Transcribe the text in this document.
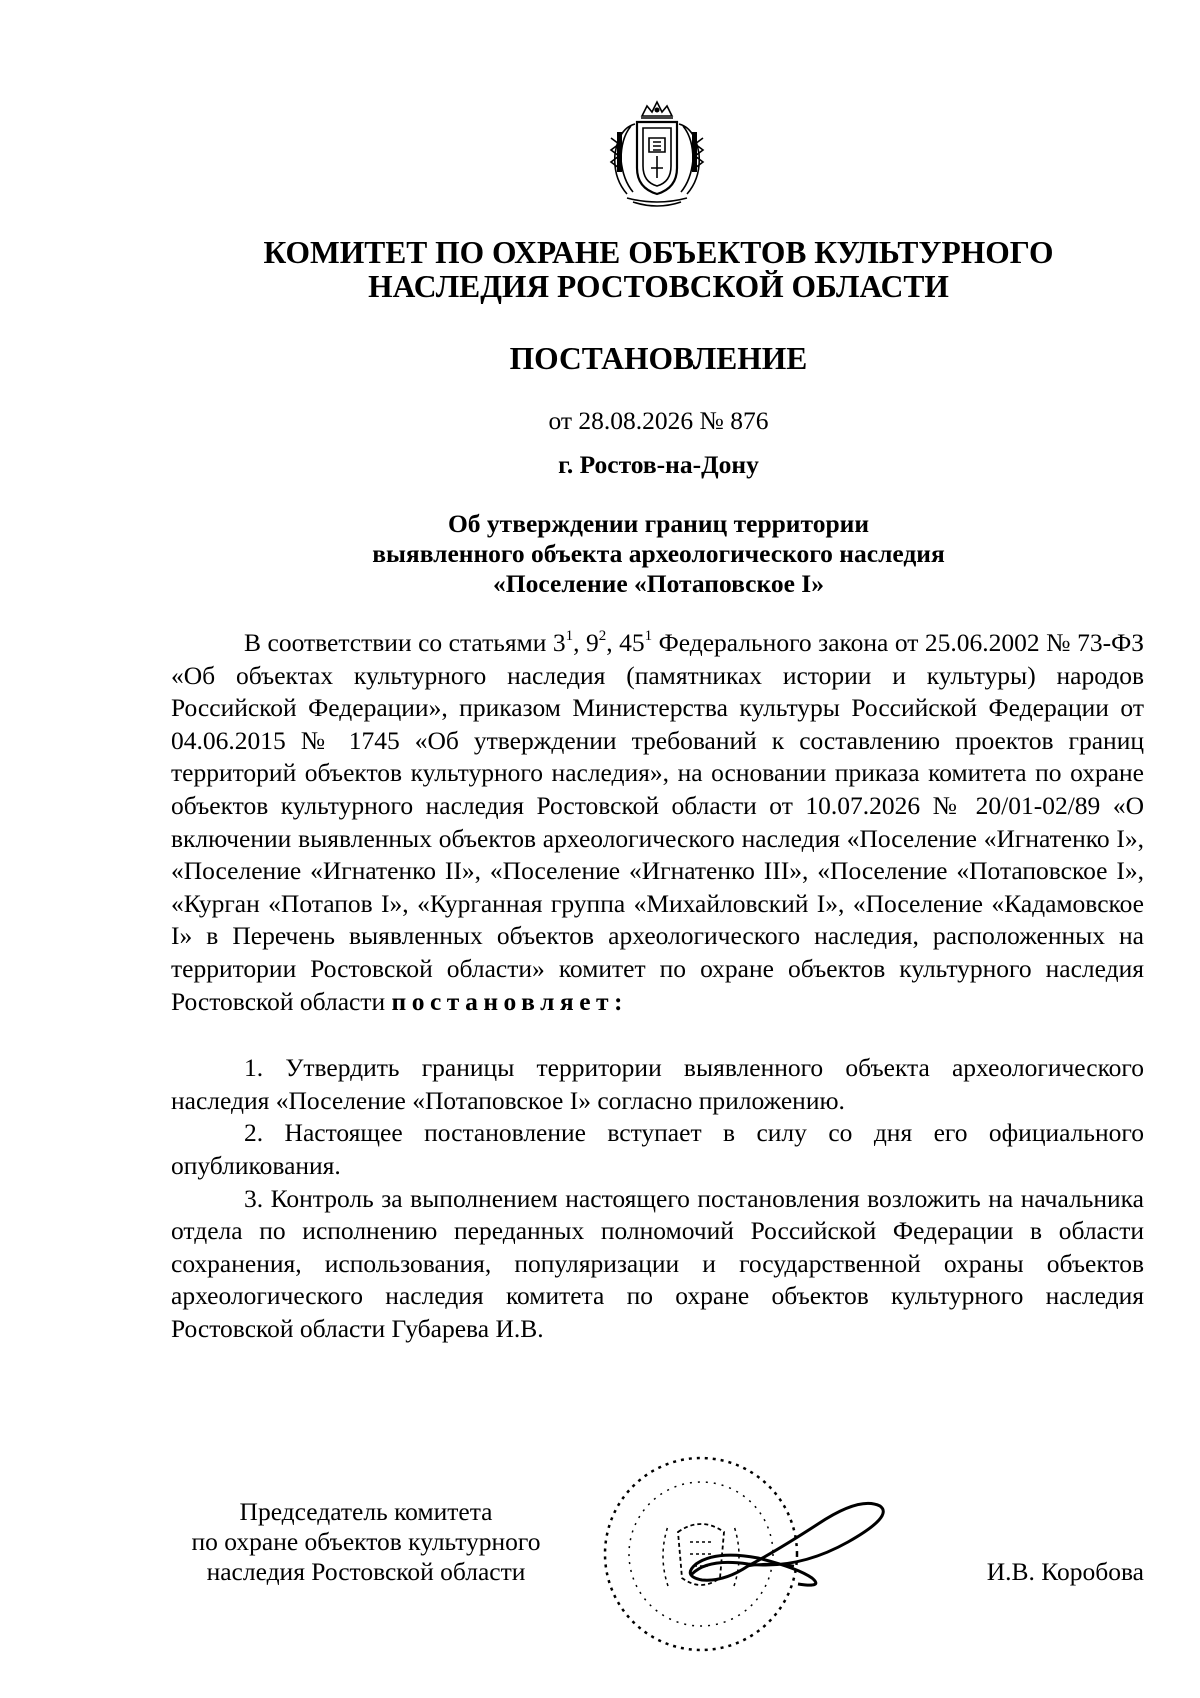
КОМИТЕТ ПО ОХРАНЕ ОБЪЕКТОВ КУЛЬТУРНОГО
НАСЛЕДИЯ РОСТОВСКОЙ ОБЛАСТИ
ПОСТАНОВЛЕНИЕ
от 28.08.2026 № 876
г. Ростов-на-Дону
Об утверждении границ территории
выявленного объекта археологического наследия
«Поселение «Потаповское I»

В соответствии со статьями $3^1$, $9^2$, $45^1$ Федерального закона от 25.06.2002 № 73-ФЗ «Об объектах культурного наследия (памятниках истории и культуры) народов Российской Федерации», приказом Министерства культуры Российской Федерации от 04.06.2015 № 1745 «Об утверждении требований к составлению проектов границ территорий объектов культурного наследия», на основании приказа комитета по охране объектов культурного наследия Ростовской области от 10.07.2026 № 20/01-02/89 «О включении выявленных объектов археологического наследия «Поселение «Игнатенко I», «Поселение «Игнатенко II», «Поселение «Игнатенко III», «Поселение «Потаповское I», «Курган «Потапов I», «Курганная группа «Михайловский I», «Поселение «Кадамовское I» в Перечень выявленных объектов археологического наследия, расположенных на территории Ростовской области» комитет по охране объектов культурного наследия Ростовской области постановляет:

1. Утвердить границы территории выявленного объекта археологического наследия «Поселение «Потаповское I» согласно приложению.

2. Настоящее постановление вступает в силу со дня его официального опубликования.

3. Контроль за выполнением настоящего постановления возложить на начальника отдела по исполнению переданных полномочий Российской Федерации в области сохранения, использования, популяризации и государственной охраны объектов археологического наследия комитета по охране объектов культурного наследия Ростовской области Губарева И.В.

Председатель комитета
по охране объектов культурного
наследия Ростовской области	И.В. Коробова
